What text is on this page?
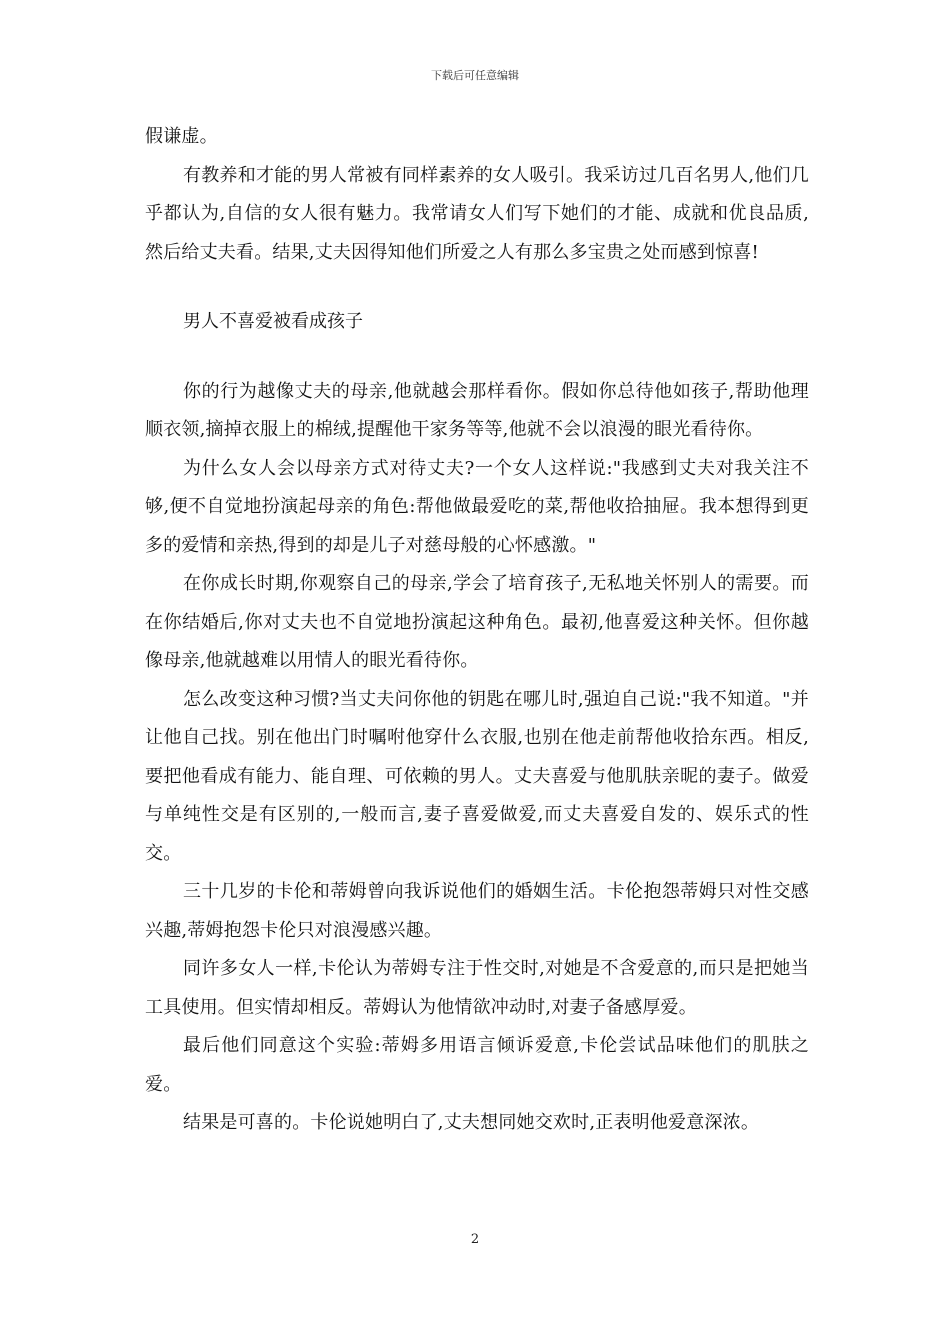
下载后可任意编辑

假谦虚。

有教养和才能的男人常被有同样素养的女人吸引。我采访过几百名男人,他们几乎都认为,自信的女人很有魅力。我常请女人们写下她们的才能、成就和优良品质,然后给丈夫看。结果,丈夫因得知他们所爱之人有那么多宝贵之处而感到惊喜!

男人不喜爱被看成孩子

你的行为越像丈夫的母亲,他就越会那样看你。假如你总待他如孩子,帮助他理顺衣领,摘掉衣服上的棉绒,提醒他干家务等等,他就不会以浪漫的眼光看待你。

为什么女人会以母亲方式对待丈夫?一个女人这样说:"我感到丈夫对我关注不够,便不自觉地扮演起母亲的角色:帮他做最爱吃的菜,帮他收拾抽屉。我本想得到更多的爱情和亲热,得到的却是儿子对慈母般的心怀感激。"

在你成长时期,你观察自己的母亲,学会了培育孩子,无私地关怀别人的需要。而在你结婚后,你对丈夫也不自觉地扮演起这种角色。最初,他喜爱这种关怀。但你越像母亲,他就越难以用情人的眼光看待你。

怎么改变这种习惯?当丈夫问你他的钥匙在哪儿时,强迫自己说:"我不知道。"并让他自己找。别在他出门时嘱咐他穿什么衣服,也别在他走前帮他收拾东西。相反,要把他看成有能力、能自理、可依赖的男人。丈夫喜爱与他肌肤亲昵的妻子。做爱与单纯性交是有区别的,一般而言,妻子喜爱做爱,而丈夫喜爱自发的、娱乐式的性交。

三十几岁的卡伦和蒂姆曾向我诉说他们的婚姻生活。卡伦抱怨蒂姆只对性交感兴趣,蒂姆抱怨卡伦只对浪漫感兴趣。

同许多女人一样,卡伦认为蒂姆专注于性交时,对她是不含爱意的,而只是把她当工具使用。但实情却相反。蒂姆认为他情欲冲动时,对妻子备感厚爱。

最后他们同意这个实验:蒂姆多用语言倾诉爱意,卡伦尝试品味他们的肌肤之爱。

结果是可喜的。卡伦说她明白了,丈夫想同她交欢时,正表明他爱意深浓。

2
